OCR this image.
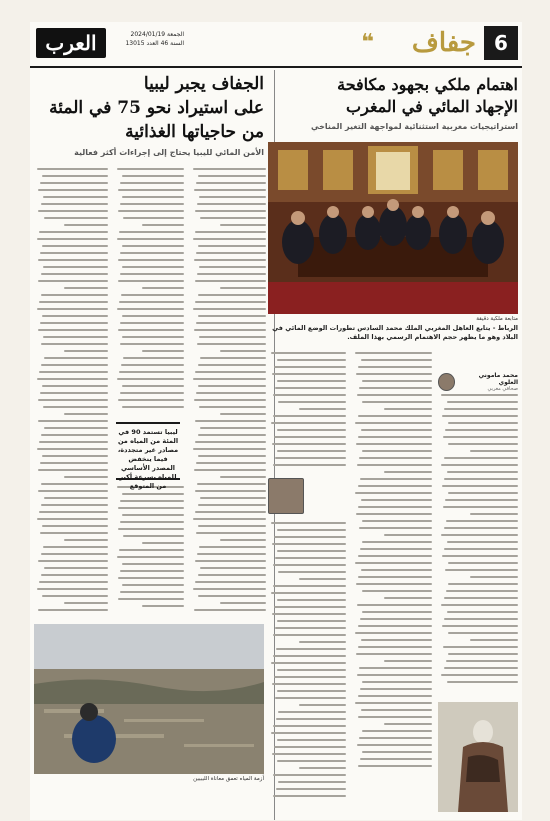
العرب	الجمعة 2024/01/19
السنة 46 العدد 13015	❝ جفاف 6
اهتمام ملكي بجهود مكافحة
الإجهاد المائي في المغرب
استراتيجيات مغربية استثنائية لمواجهة التغير المناخي
متابعة ملكية دقيقة
الرباط - يتابع العاهل المغربي الملك محمد السادس تطورات الوضع المائي في البلاد وهو ما يظهر حجم الاهتمام الرسمي بهذا الملف.
محمد ماموني العلوي
صحافي مغربي
الجفاف يجبر ليبيا
على استيراد نحو 75 في المئة
من حاجياتها الغذائية
الأمن المائي لليبيا يحتاج إلى إجراءات أكثر فعالية
ليبيا تستمد 90 في المئة من المياه من مصادر غير متجددة، فيما ينخفض المصدر الأساسي للمياه بسرعة أكبر من المتوقع
أزمة المياه تعمق معاناة الليبيين
